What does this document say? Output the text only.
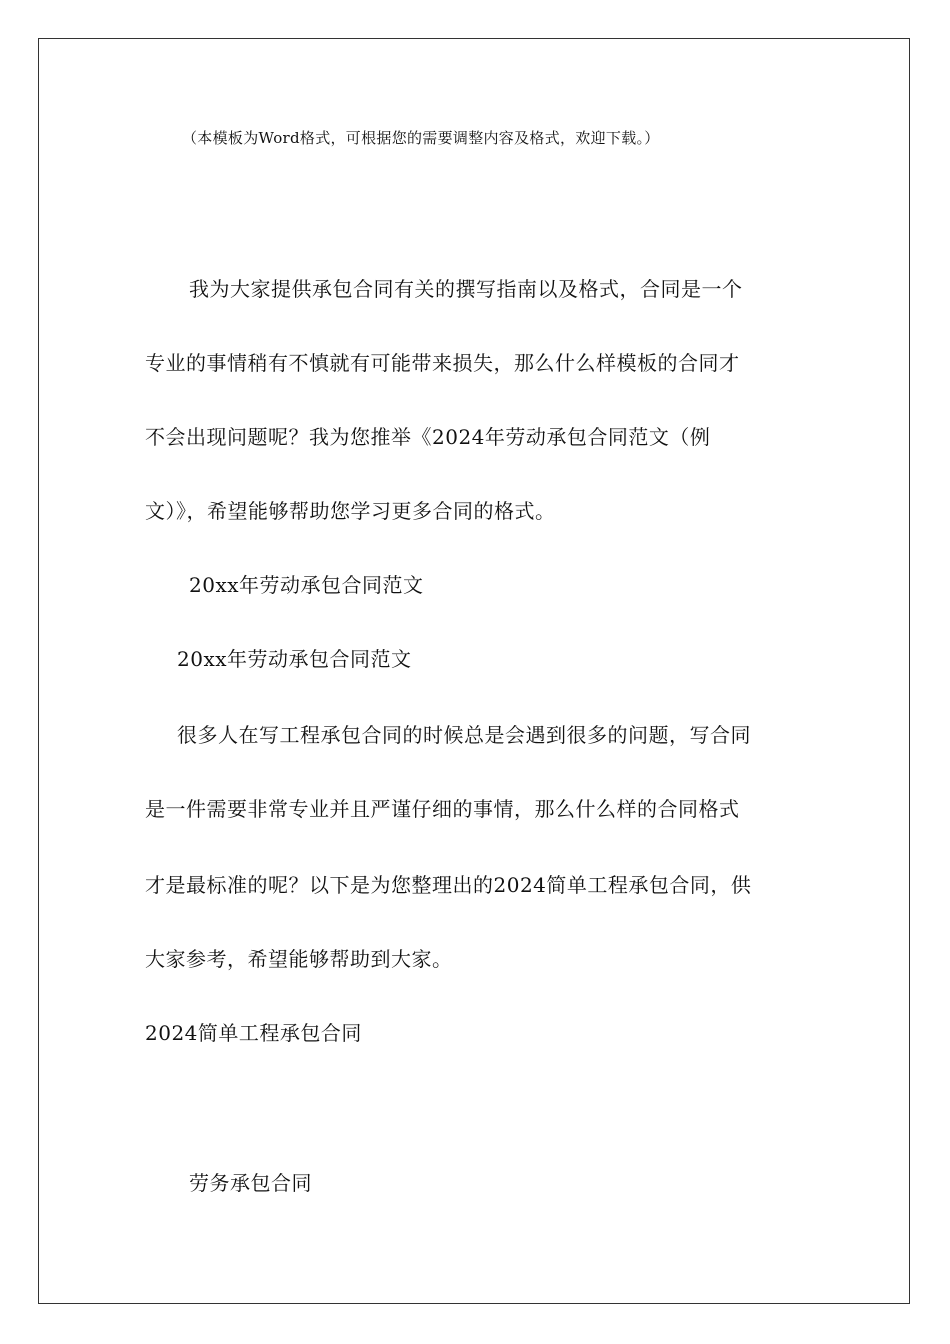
（本模板为Word格式，可根据您的需要调整内容及格式，欢迎下载。）
我为大家提供承包合同有关的撰写指南以及格式，合同是一个
专业的事情稍有不慎就有可能带来损失，那么什么样模板的合同才
不会出现问题呢？我为您推举《2024年劳动承包合同范文（例
文）》，希望能够帮助您学习更多合同的格式。
20xx年劳动承包合同范文
20xx年劳动承包合同范文
很多人在写工程承包合同的时候总是会遇到很多的问题，写合同
是一件需要非常专业并且严谨仔细的事情，那么什么样的合同格式
才是最标准的呢？以下是为您整理出的2024简单工程承包合同，供
大家参考，希望能够帮助到大家。
2024简单工程承包合同
劳务承包合同
